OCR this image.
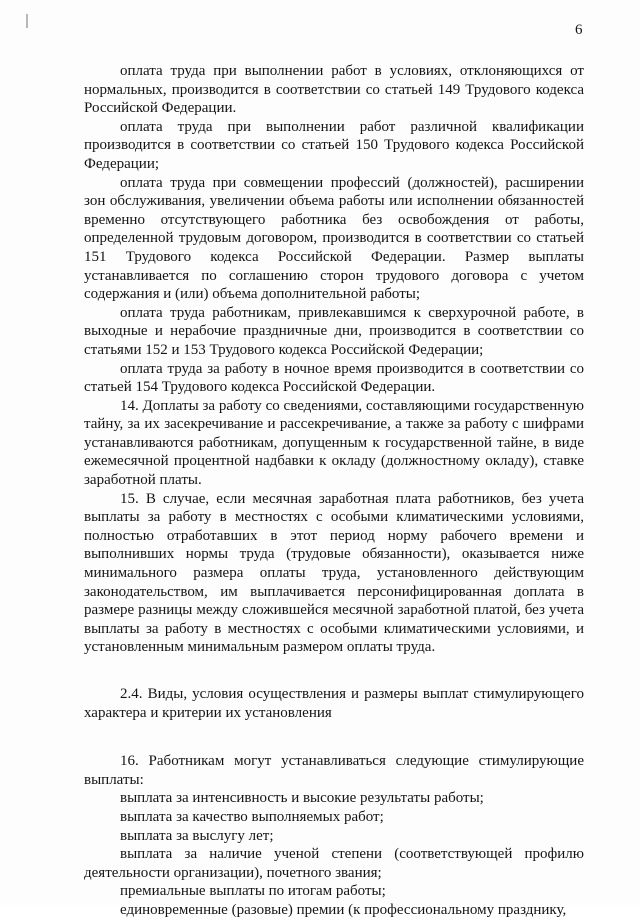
6

оплата труда при выполнении работ в условиях, отклоняющихся от нормальных, производится в соответствии со статьей 149 Трудового кодекса Российской Федерации.

оплата труда при выполнении работ различной квалификации производится в соответствии со статьей 150 Трудового кодекса Российской Федерации;

оплата труда при совмещении профессий (должностей), расширении зон обслуживания, увеличении объема работы или исполнении обязанностей временно отсутствующего работника без освобождения от работы, определенной трудовым договором, производится в соответствии со статьей 151 Трудового кодекса Российской Федерации. Размер выплаты устанавливается по соглашению сторон трудового договора с учетом содержания и (или) объема дополнительной работы;

оплата труда работникам, привлекавшимся к сверхурочной работе, в выходные и нерабочие праздничные дни, производится в соответствии со статьями 152 и 153 Трудового кодекса Российской Федерации;

оплата труда за работу в ночное время производится в соответствии со статьей 154 Трудового кодекса Российской Федерации.

14. Доплаты за работу со сведениями, составляющими государственную тайну, за их засекречивание и рассекречивание, а также за работу с шифрами устанавливаются работникам, допущенным к государственной тайне, в виде ежемесячной процентной надбавки к окладу (должностному окладу), ставке заработной платы.

15. В случае, если месячная заработная плата работников, без учета выплаты за работу в местностях с особыми климатическими условиями, полностью отработавших в этот период норму рабочего времени и выполнивших нормы труда (трудовые обязанности), оказывается ниже минимального размера оплаты труда, установленного действующим законодательством, им выплачивается персонифицированная доплата в размере разницы между сложившейся месячной заработной платой, без учета выплаты за работу в местностях с особыми климатическими условиями, и установленным минимальным размером оплаты труда.

2.4. Виды, условия осуществления и размеры выплат стимулирующего характера и критерии их установления

16. Работникам могут устанавливаться следующие стимулирующие выплаты:

выплата за интенсивность и высокие результаты работы;

выплата за качество выполняемых работ;

выплата за выслугу лет;

выплата за наличие ученой степени (соответствующей профилю деятельности организации), почетного звания;

премиальные выплаты по итогам работы;

единовременные (разовые) премии (к профессиональному празднику,
